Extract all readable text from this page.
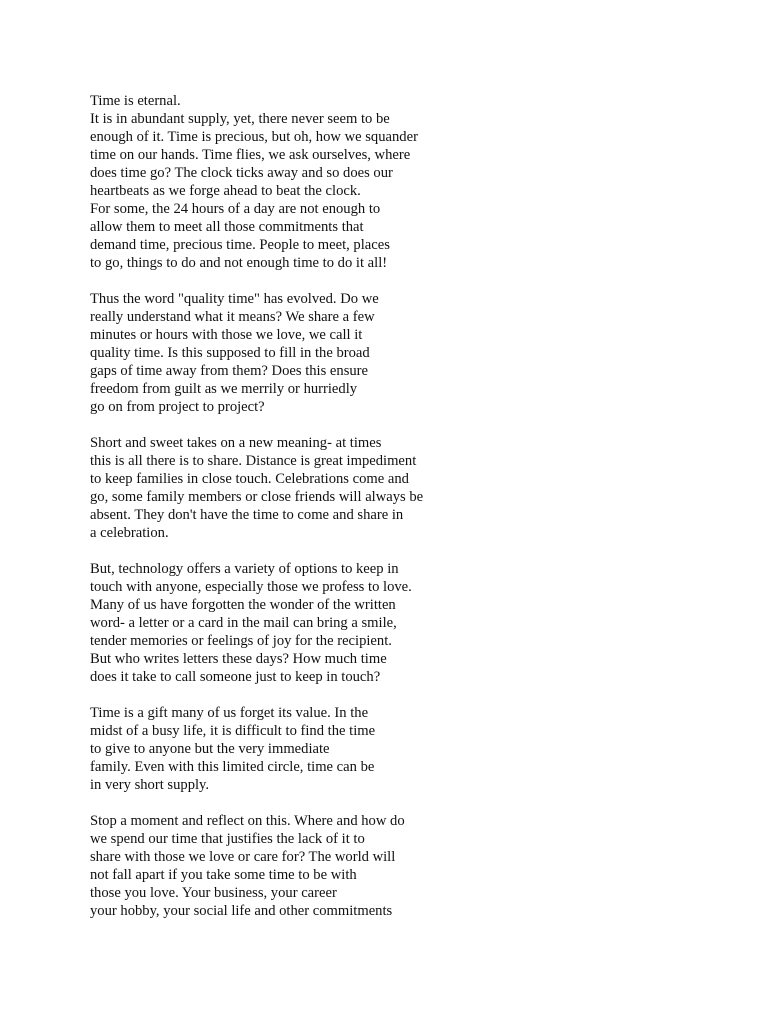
Time is eternal.
It is in abundant supply, yet, there never seem to be
enough of it. Time is precious, but oh, how we squander
time on our hands. Time flies, we ask ourselves, where
does time go? The clock ticks away and so does our
heartbeats as we forge ahead to beat the clock.
For some, the 24 hours of a day are not enough to
allow them to meet all those commitments that
demand time, precious time. People to meet, places
to go, things to do and not enough time to do it all!
Thus the word "quality time" has evolved. Do we
really understand what it means? We share a few
minutes or hours with those we love, we call it
quality time. Is this supposed to fill in the broad
gaps of time away from them? Does this ensure
freedom from guilt as we merrily or hurriedly
go on from project to project?
Short and sweet takes on a new meaning- at times
this is all there is to share. Distance is great impediment
to keep families in close touch. Celebrations come and
go, some family members or close friends will always be
absent. They don't have the time to come and share in
a celebration.
But, technology offers a variety of options to keep in
touch with anyone, especially those we profess to love.
Many of us have forgotten the wonder of the written
word- a letter or a card in the mail can bring a smile,
tender memories or feelings of joy for the recipient.
But who writes letters these days? How much time
does it take to call someone just to keep in touch?
Time is a gift many of us forget its value. In the
midst of a busy life, it is difficult to find the time
to give to anyone but the very immediate
family. Even with this limited circle, time can be
in very short supply.
Stop a moment and reflect on this. Where and how do
we spend our time that justifies the lack of it to
share with those we love or care for? The world will
not fall apart if you take some time to be with
those you love. Your business, your career
your hobby, your social life and other commitments
